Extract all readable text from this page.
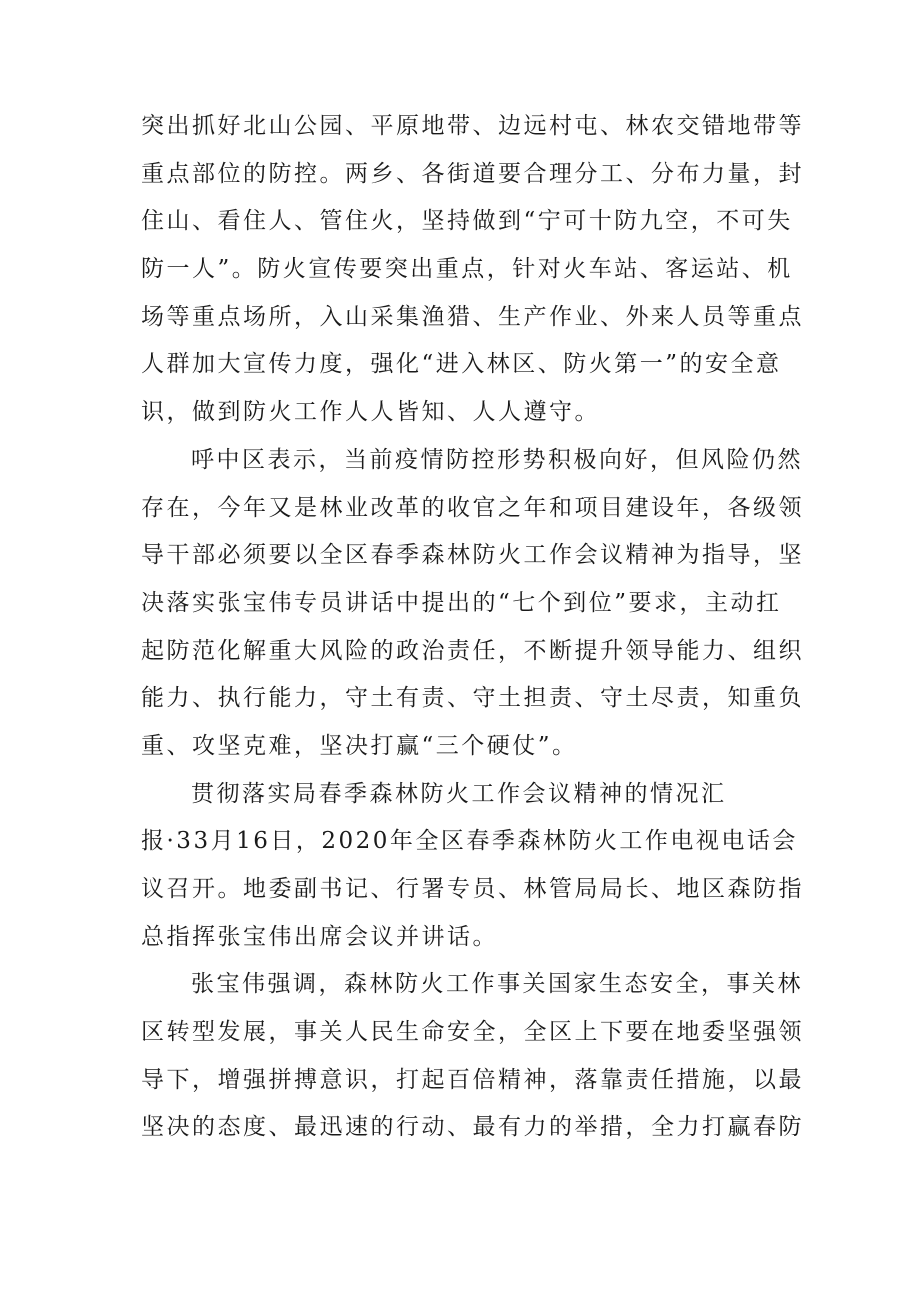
突出抓好北山公园、平原地带、边远村屯、林农交错地带等
重点部位的防控。两乡、各街道要合理分工、分布力量，封
住山、看住人、管住火，坚持做到“宁可十防九空，不可失
防一人”。防火宣传要突出重点，针对火车站、客运站、机
场等重点场所，入山采集渔猎、生产作业、外来人员等重点
人群加大宣传力度，强化“进入林区、防火第一”的安全意
识，做到防火工作人人皆知、人人遵守。
呼中区表示，当前疫情防控形势积极向好，但风险仍然
存在，今年又是林业改革的收官之年和项目建设年，各级领
导干部必须要以全区春季森林防火工作会议精神为指导，坚
决落实张宝伟专员讲话中提出的“七个到位”要求，主动扛
起防范化解重大风险的政治责任，不断提升领导能力、组织
能力、执行能力，守土有责、守土担责、守土尽责，知重负
重、攻坚克难，坚决打赢“三个硬仗”。
贯彻落实局春季森林防火工作会议精神的情况汇
报·33月16日，2020年全区春季森林防火工作电视电话会
议召开。地委副书记、行署专员、林管局局长、地区森防指
总指挥张宝伟出席会议并讲话。
张宝伟强调，森林防火工作事关国家生态安全，事关林
区转型发展，事关人民生命安全，全区上下要在地委坚强领
导下，增强拼搏意识，打起百倍精神，落靠责任措施，以最
坚决的态度、最迅速的行动、最有力的举措，全力打赢春防
